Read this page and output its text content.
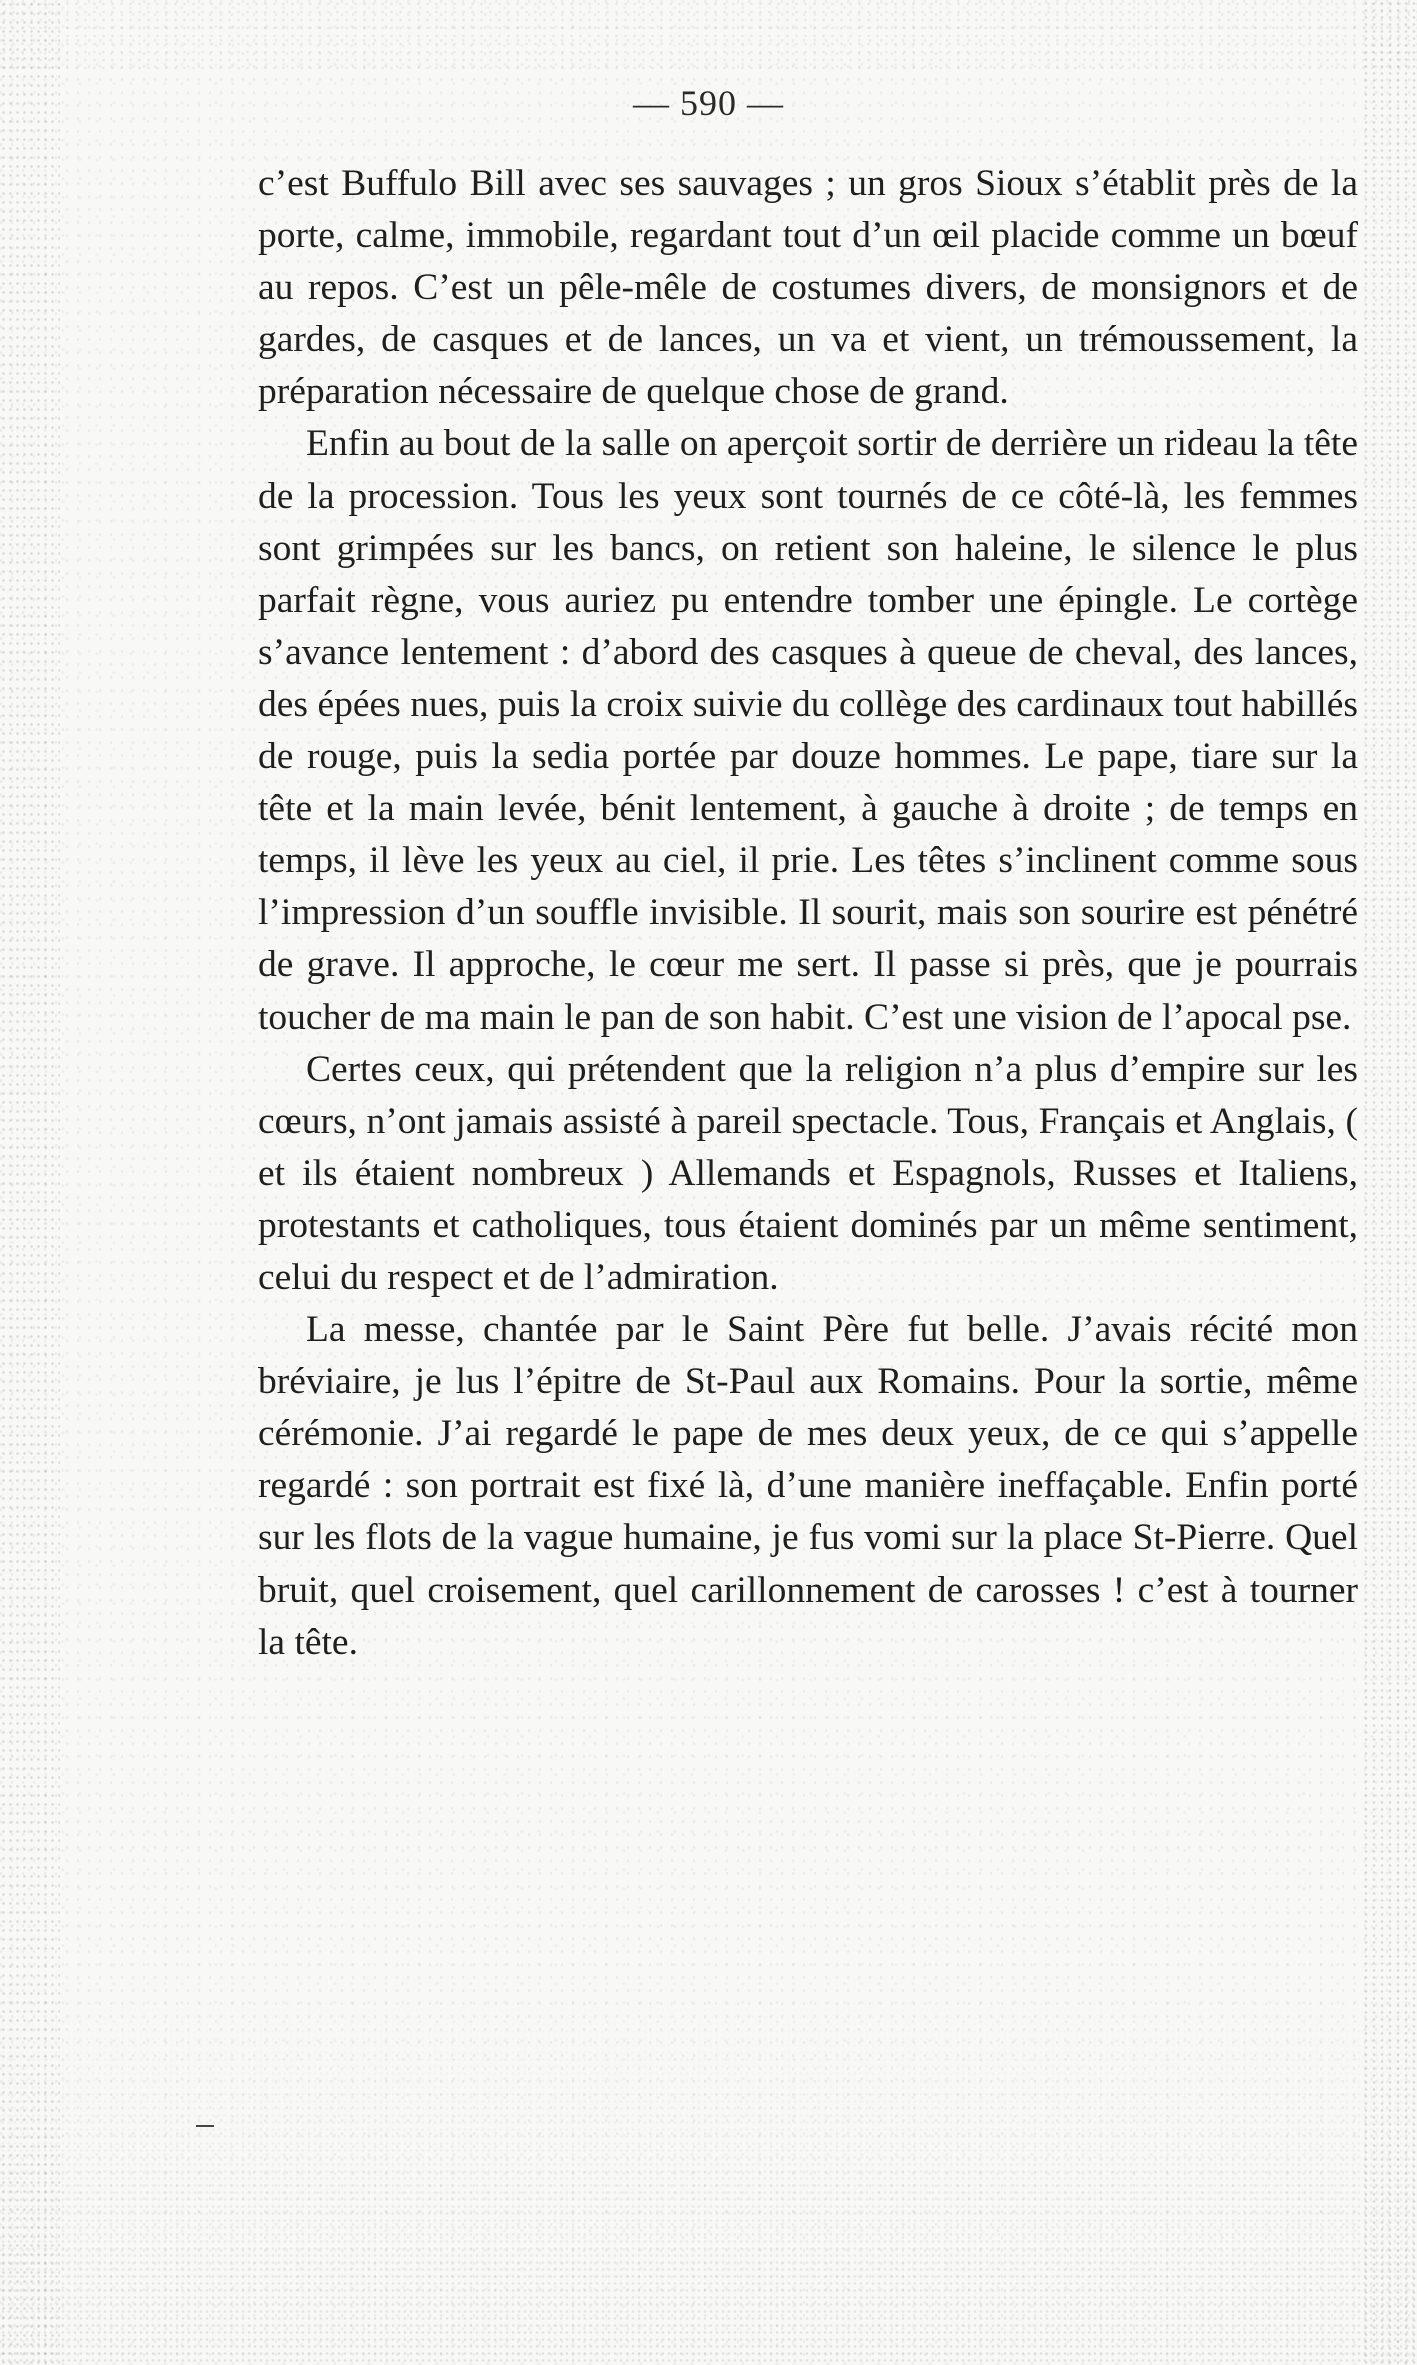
— 590 —

c’est Buffulo Bill avec ses sauvages ; un gros Sioux s’établit près de la porte, calme, immobile, regardant tout d’un œil placide comme un bœuf au repos. C’est un pêle-mêle de costumes divers, de monsignors et de gardes, de casques et de lances, un va et vient, un trémoussement, la préparation nécessaire de quelque chose de grand.

Enfin au bout de la salle on aperçoit sortir de derrière un rideau la tête de la procession. Tous les yeux sont tournés de ce côté-là, les femmes sont grimpées sur les bancs, on retient son haleine, le silence le plus parfait règne, vous auriez pu entendre tomber une épingle. Le cortège s’avance lentement : d’abord des casques à queue de cheval, des lances, des épées nues, puis la croix suivie du collège des cardinaux tout habillés de rouge, puis la sedia portée par douze hommes. Le pape, tiare sur la tête et la main levée, bénit lentement, à gauche à droite ; de temps en temps, il lève les yeux au ciel, il prie. Les têtes s’inclinent comme sous l’impression d’un souffle invisible. Il sourit, mais son sourire est pénétré de grave. Il approche, le cœur me sert. Il passe si près, que je pourrais toucher de ma main le pan de son habit. C’est une vision de l’apocal pse.

Certes ceux, qui prétendent que la religion n’a plus d’empire sur les cœurs, n’ont jamais assisté à pareil spectacle. Tous, Français et Anglais, ( et ils étaient nombreux ) Allemands et Espagnols, Russes et Italiens, protestants et catholiques, tous étaient dominés par un même sentiment, celui du respect et de l’admiration.

La messe, chantée par le Saint Père fut belle. J’avais récité mon bréviaire, je lus l’épitre de St-Paul aux Romains. Pour la sortie, même cérémonie. J’ai regardé le pape de mes deux yeux, de ce qui s’appelle regardé : son portrait est fixé là, d’une manière ineffaçable. Enfin porté sur les flots de la vague humaine, je fus vomi sur la place St-Pierre. Quel bruit, quel croisement, quel carillonnement de carosses ! c’est à tourner la tête.
